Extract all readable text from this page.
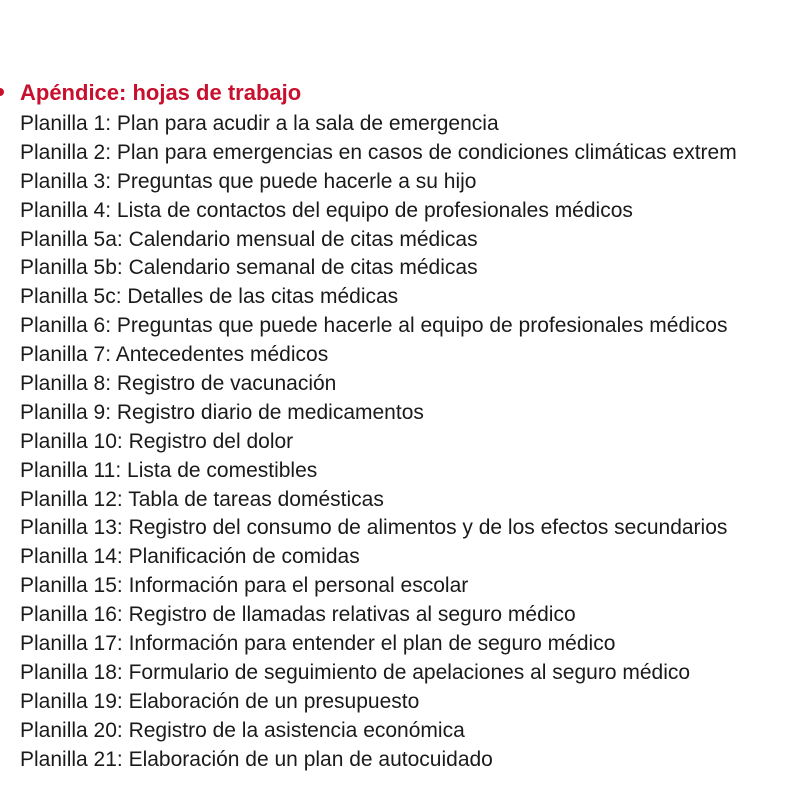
Apéndice: hojas de trabajo
Planilla 1: Plan para acudir a la sala de emergencia
Planilla 2: Plan para emergencias en casos de condiciones climáticas extrem
Planilla 3: Preguntas que puede hacerle a su hijo
Planilla 4: Lista de contactos del equipo de profesionales médicos
Planilla 5a: Calendario mensual de citas médicas
Planilla 5b: Calendario semanal de citas médicas
Planilla 5c: Detalles de las citas médicas
Planilla 6: Preguntas que puede hacerle al equipo de profesionales médicos
Planilla 7: Antecedentes médicos
Planilla 8: Registro de vacunación
Planilla 9: Registro diario de medicamentos
Planilla 10: Registro del dolor
Planilla 11: Lista de comestibles
Planilla 12: Tabla de tareas domésticas
Planilla 13: Registro del consumo de alimentos y de los efectos secundarios
Planilla 14: Planificación de comidas
Planilla 15: Información para el personal escolar
Planilla 16: Registro de llamadas relativas al seguro médico
Planilla 17: Información para entender el plan de seguro médico
Planilla 18: Formulario de seguimiento de apelaciones al seguro médico
Planilla 19: Elaboración de un presupuesto
Planilla 20: Registro de la asistencia económica
Planilla 21: Elaboración de un plan de autocuidado
